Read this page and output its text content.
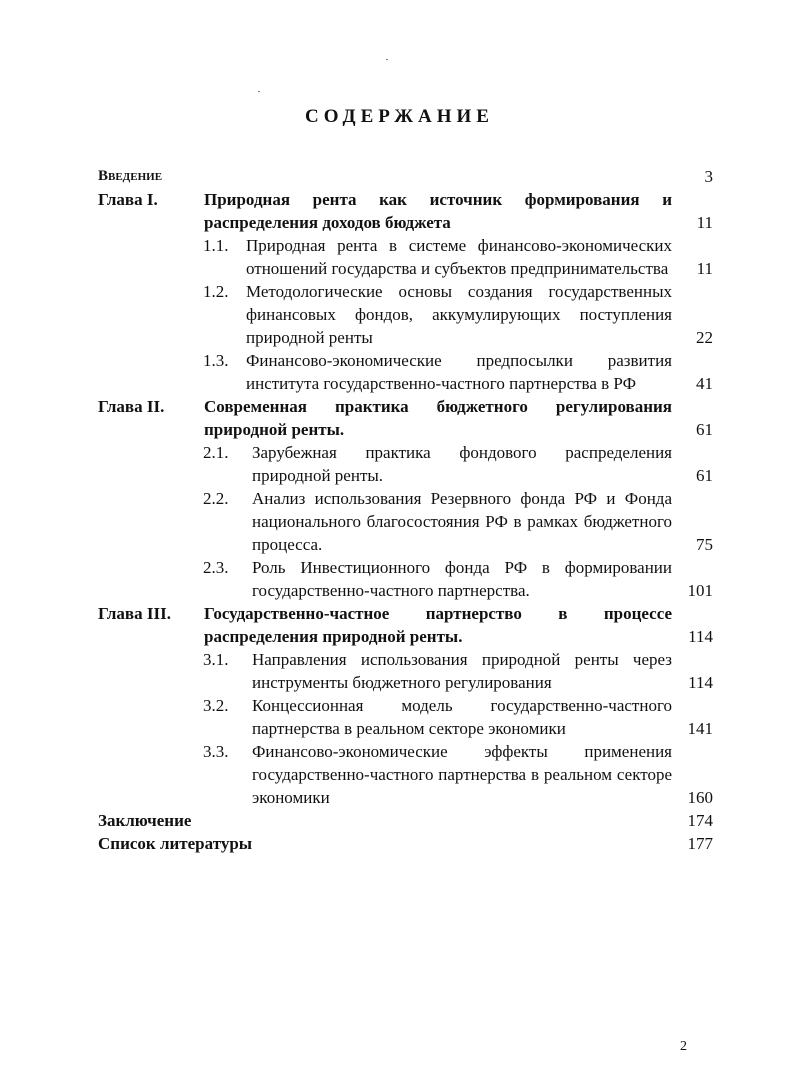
СОДЕРЖАНИЕ
Введение	3
Глава I.	Природная рента как источник формирования и распределения доходов бюджета	11
1.1. Природная рента в системе финансово-экономических отношений государства и субъектов предпринимательства 11
1.2. Методологические основы создания государственных финансовых фондов, аккумулирующих поступления природной ренты	22
1.3. Финансово-экономические предпосылки развития института государственно-частного партнерства в РФ	41
Глава II. Современная практика бюджетного регулирования природной ренты.	61
2.1. Зарубежная практика фондового распределения природной ренты.	61
2.2. Анализ использования Резервного фонда РФ и Фонда национального благосостояния РФ в рамках бюджетного процесса.	75
2.3. Роль Инвестиционного фонда РФ в формировании государственно-частного партнерства.	101
Глава III. Государственно-частное партнерство в процессе распределения природной ренты.	114
3.1. Направления использования природной ренты через инструменты бюджетного регулирования	114
3.2. Концессионная модель государственно-частного партнерства в реальном секторе экономики	141
3.3. Финансово-экономические эффекты применения государственно-частного партнерства в реальном секторе экономики	160
Заключение	174
Список литературы	177
2
